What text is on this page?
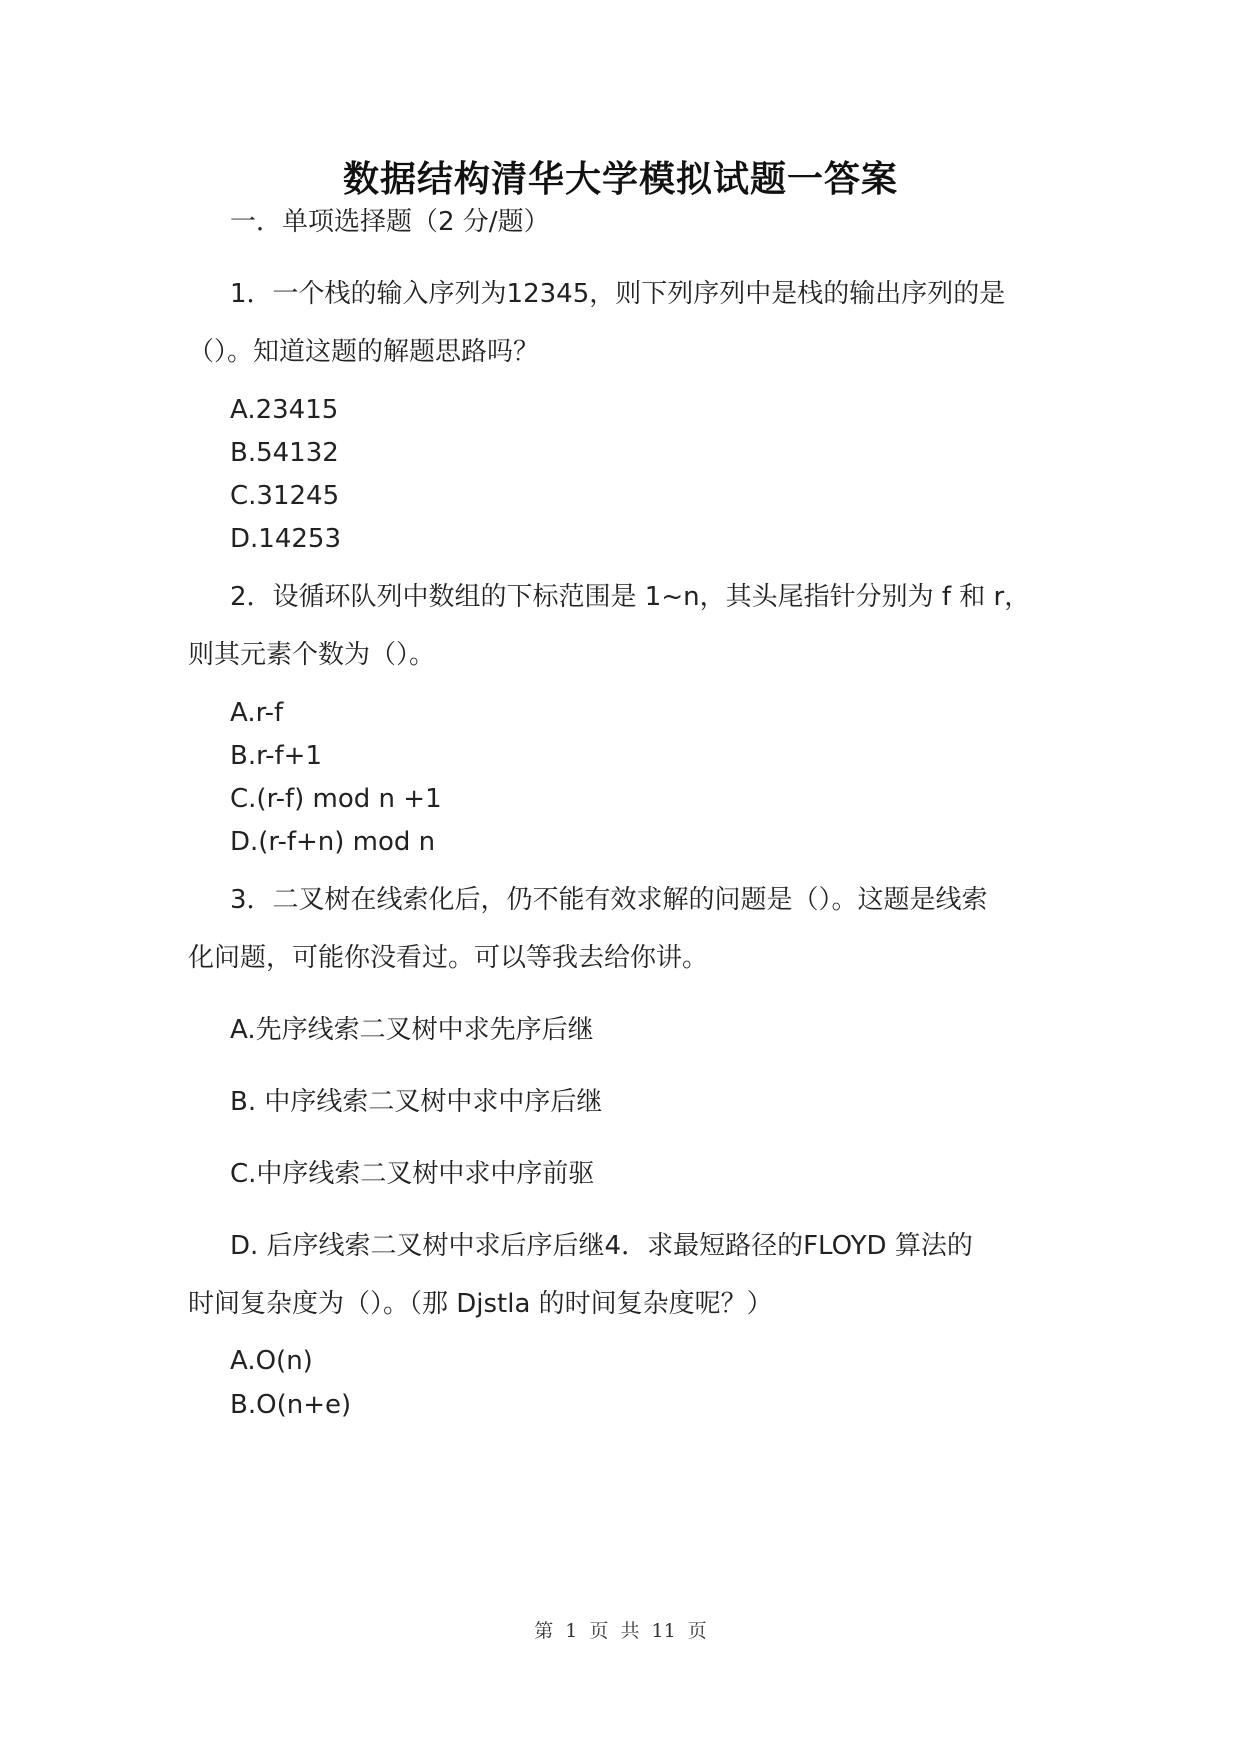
数据结构清华大学模拟试题一答案
一．单项选择题（2 分/题）
1．一个栈的输入序列为12345，则下列序列中是栈的输出序列的是
（）。知道这题的解题思路吗？
A.23415
B.54132
C.31245
D.14253
2．设循环队列中数组的下标范围是 1~n，其头尾指针分别为 f 和 r，
则其元素个数为（）。
A.r-f
B.r-f+1
C.(r-f) mod n +1
D.(r-f+n) mod n
3．二叉树在线索化后，仍不能有效求解的问题是（）。这题是线索
化问题，可能你没看过。可以等我去给你讲。
A.先序线索二叉树中求先序后继
B. 中序线索二叉树中求中序后继
C.中序线索二叉树中求中序前驱
D. 后序线索二叉树中求后序后继4．求最短路径的FLOYD 算法的
时间复杂度为（）。（那 Djstla 的时间复杂度呢？）
A.O(n)
B.O(n+e)
第 1 页 共 11 页
